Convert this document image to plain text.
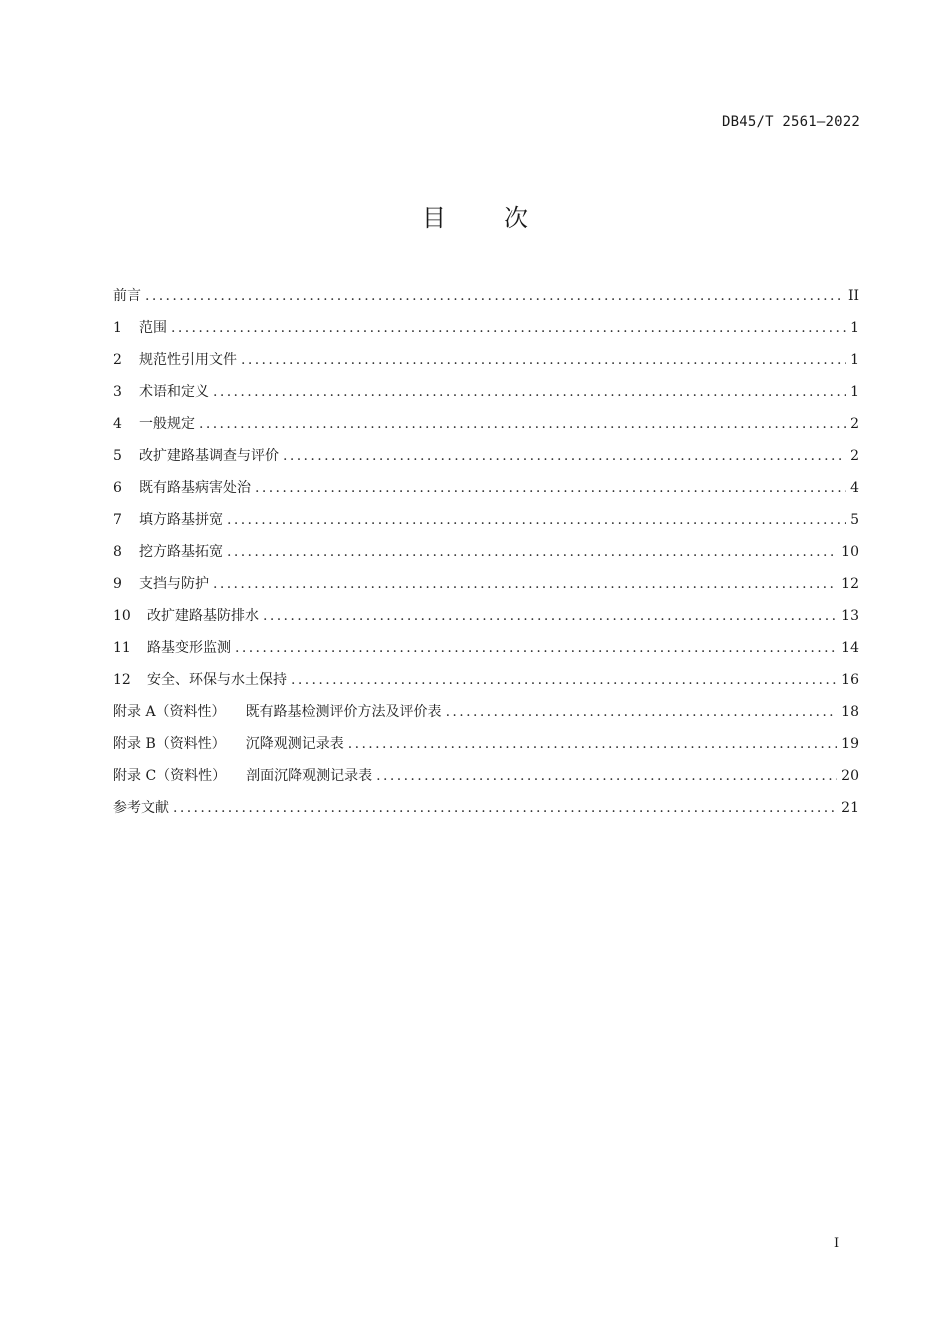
DB45/T 2561—2022
目次
前言 .....	II
1	范围 .....	1
2	规范性引用文件 .....	1
3	术语和定义 .....	1
4	一般规定 .....	2
5	改扩建路基调查与评价 .....	2
6	既有路基病害处治 .....	4
7	填方路基拼宽 .....	5
8	挖方路基拓宽 .....	10
9	支挡与防护 .....	12
10	改扩建路基防排水 .....	13
11	路基变形监测 .....	14
12	安全、环保与水土保持 .....	16
附录 A（资料性）	既有路基检测评价方法及评价表 .....	18
附录 B（资料性）	沉降观测记录表 .....	19
附录 C（资料性）	剖面沉降观测记录表 .....	20
参考文献 .....	21
I
